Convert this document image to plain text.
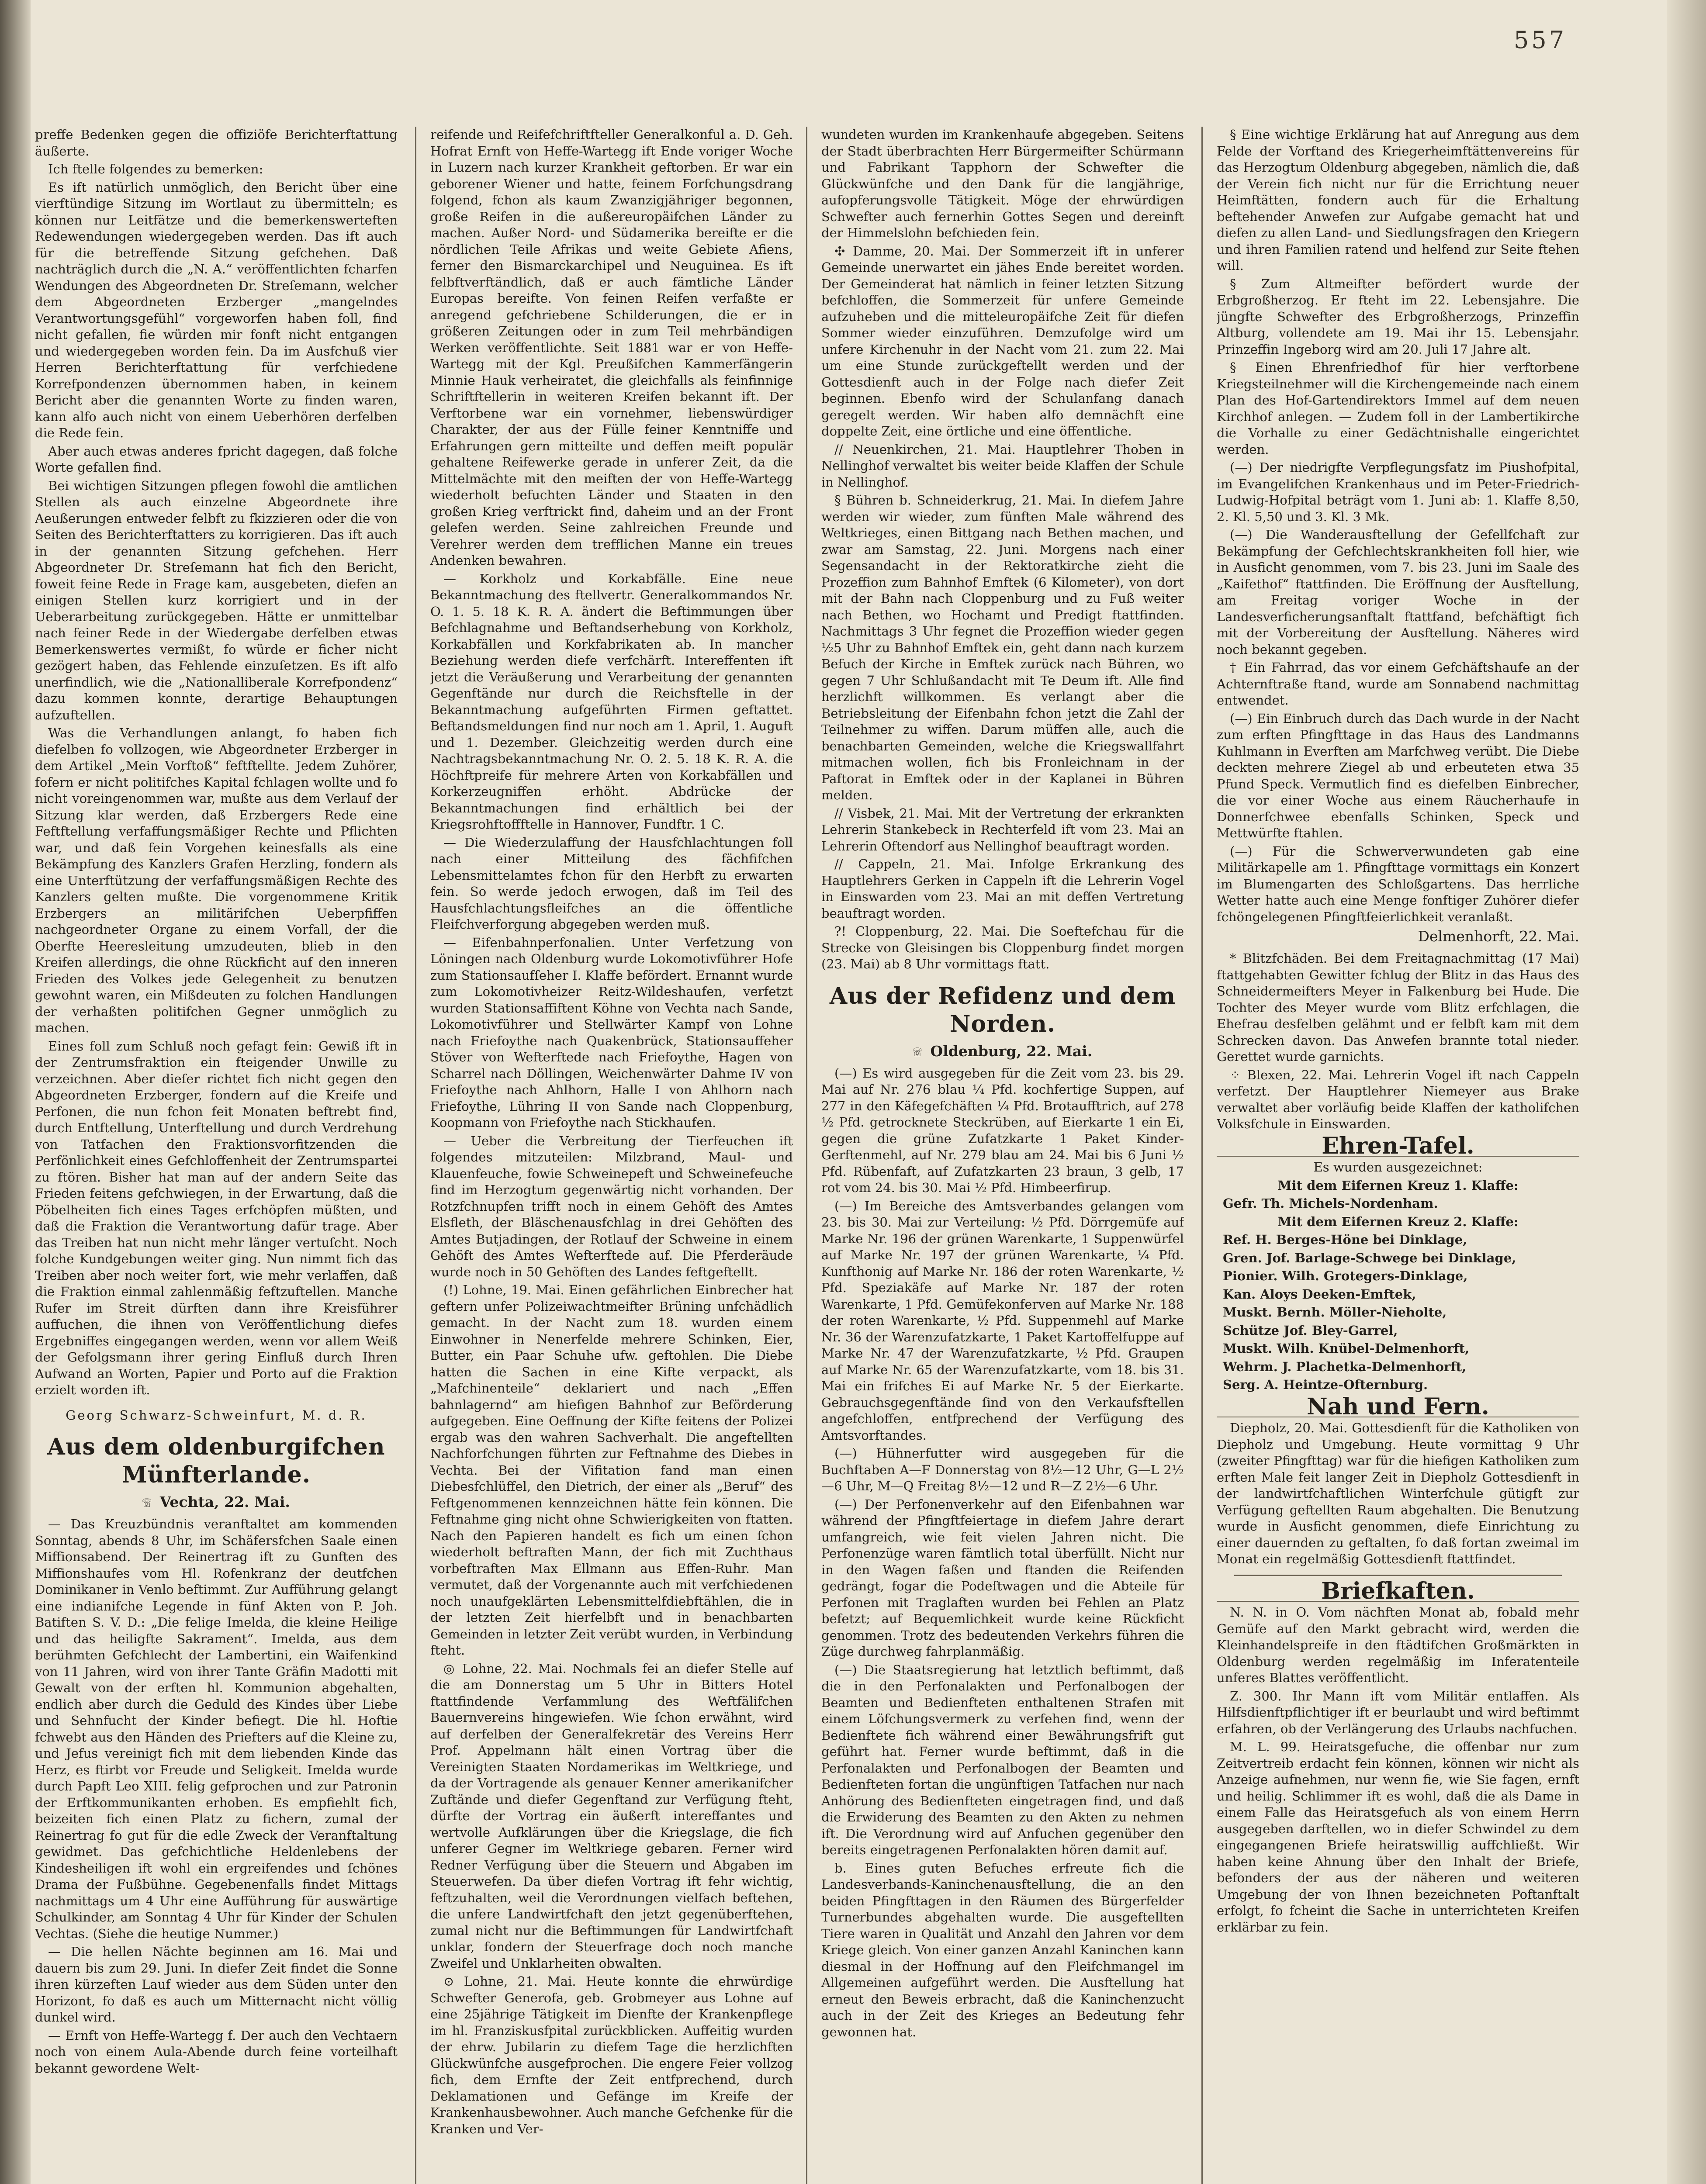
557

preffe Bedenken gegen die offiziöfe Berichterftattung äußerte.

Ich ftelle folgendes zu bemerken:

Es ift natürlich unmöglich, den Bericht über eine vierftündige Sitzung im Wortlaut zu übermitteln; es können nur Leitfätze und die bemerkenswerteften Redewendungen wiedergegeben werden. Das ift auch für die betreffende Sitzung gefchehen. Daß nachträglich durch die „N. A.“ veröffentlichten fcharfen Wendungen des Abgeordneten Dr. Streſemann, welcher dem Abgeordneten Erzberger „mangelndes Verantwortungsgefühl“ vorgeworfen haben foll, find nicht gefallen, fie würden mir fonft nicht entgangen und wiedergegeben worden fein. Da im Ausfchuß vier Herren Berichterftattung für verfchiedene Korrefpondenzen übernommen haben, in keinem Bericht aber die genannten Worte zu finden waren, kann alfo auch nicht von einem Ueberhören derfelben die Rede fein.

Aber auch etwas anderes fpricht dagegen, daß folche Worte gefallen find.

Bei wichtigen Sitzungen pflegen fowohl die amtlichen Stellen als auch einzelne Abgeordnete ihre Aeußerungen entweder felbft zu fkizzieren oder die von Seiten des Berichterftatters zu korrigieren. Das ift auch in der genannten Sitzung gefchehen. Herr Abgeordneter Dr. Streſemann hat fich den Bericht, foweit feine Rede in Frage kam, ausgebeten, diefen an einigen Stellen kurz korrigiert und in der Ueberarbeitung zurückgegeben. Hätte er unmittelbar nach feiner Rede in der Wiedergabe derfelben etwas Bemerkenswertes vermißt, fo würde er ficher nicht gezögert haben, das Fehlende einzuſetzen. Es ift alfo unerfindlich, wie die „Nationalliberale Korrefpondenz“ dazu kommen konnte, derartige Behauptungen aufzuftellen.

Was die Verhandlungen anlangt, fo haben fich diefelben fo vollzogen, wie Abgeordneter Erzberger in dem Artikel „Mein Vorftoß“ feftftellte. Jedem Zuhörer, fofern er nicht politifches Kapital fchlagen wollte und fo nicht voreingenommen war, mußte aus dem Verlauf der Sitzung klar werden, daß Erzbergers Rede eine Feftftellung verfaffungsmäßiger Rechte und Pflichten war, und daß fein Vorgehen keinesfalls als eine Bekämpfung des Kanzlers Grafen Herzling, fondern als eine Unterftützung der verfaffungsmäßigen Rechte des Kanzlers gelten mußte. Die vorgenommene Kritik Erzbergers an militärifchen Ueberpfiffen nachgeordneter Organe zu einem Vorfall, der die Oberfte Heeresleitung umzudeuten, blieb in den Kreifen allerdings, die ohne Rückficht auf den inneren Frieden des Volkes jede Gelegenheit zu benutzen gewohnt waren, ein Mißdeuten zu folchen Handlungen der verhaßten politifchen Gegner unmöglich zu machen.

Eines foll zum Schluß noch gefagt fein: Gewiß ift in der Zentrumsfraktion ein fteigender Unwille zu verzeichnen. Aber dieſer richtet fich nicht gegen den Abgeordneten Erzberger, fondern auf die Kreife und Perfonen, die nun fchon feit Monaten beftrebt find, durch Entftellung, Unterftellung und durch Verdrehung von Tatfachen den Fraktionsvorfitzenden die Perfönlichkeit eines Gefchloffenheit der Zentrumspartei zu ftören. Bisher hat man auf der andern Seite das Frieden feitens gefchwiegen, in der Erwartung, daß die Pöbelheiten fich eines Tages erfchöpfen müßten, und daß die Fraktion die Verantwortung dafür trage. Aber das Treiben hat nun nicht mehr länger vertuſcht. Noch folche Kundgebungen weiter ging. Nun nimmt fich das Treiben aber noch weiter fort, wie mehr verlaffen, daß die Fraktion einmal zahlenmäßig feftzuftellen. Manche Rufer im Streit dürften dann ihre Kreisführer auffuchen, die ihnen von Veröffentlichung diefes Ergebniffes eingegangen werden, wenn vor allem Weiß der Gefolgsmann ihrer gering Einfluß durch Ihren Aufwand an Worten, Papier und Porto auf die Fraktion erzielt worden ift.

Georg Schwarz-Schweinfurt, M. d. R.
Aus dem oldenburgifchen Münfterlande.
☏ Vechta, 22. Mai.

— Das Kreuzbündnis veranftaltet am kommenden Sonntag, abends 8 Uhr, im Schäfersfchen Saale einen Miffionsabend. Der Reinertrag ift zu Gunften des Miffionshaufes vom Hl. Rofenkranz der deutfchen Dominikaner in Venlo beftimmt. Zur Aufführung gelangt eine indianifche Legende in fünf Akten von P. Joh. Batiften S. V. D.: „Die felige Imelda, die kleine Heilige und das heiligfte Sakrament“. Imelda, aus dem berühmten Gefchlecht der Lambertini, ein Waifenkind von 11 Jahren, wird von ihrer Tante Gräfin Madotti mit Gewalt von der erften hl. Kommunion abgehalten, endlich aber durch die Geduld des Kindes über Liebe und Sehnfucht der Kinder befiegt. Die hl. Hoftie fchwebt aus den Händen des Priefters auf die Kleine zu, und Jefus vereinigt fich mit dem liebenden Kinde das Herz, es ftirbt vor Freude und Seligkeit. Imelda wurde durch Papft Leo XIII. felig gefprochen und zur Patronin der Erftkommunikanten erhoben. Es empfiehlt fich, beizeiten fich einen Platz zu fichern, zumal der Reinertrag fo gut für die edle Zweck der Veranftaltung gewidmet. Das gefchichtliche Heldenlebens der Kindesheiligen ift wohl ein ergreifendes und ſchönes Drama der Fußbühne. Gegebenenfalls findet Mittags nachmittags um 4 Uhr eine Aufführung für auswärtige Schulkinder, am Sonntag 4 Uhr für Kinder der Schulen Vechtas. (Siehe die heutige Nummer.)

— Die hellen Nächte beginnen am 16. Mai und dauern bis zum 29. Juni. In diefer Zeit findet die Sonne ihren kürzeften Lauf wieder aus dem Süden unter den Horizont, fo daß es auch um Mitternacht nicht völlig dunkel wird.

— Ernft von Heffe-Wartegg f. Der auch den Vechtaern noch von einem Aula-Abende durch feine vorteilhaft bekannt gewordene Welt-

reifende und Reifefchriftfteller Generalkonful a. D. Geh. Hofrat Ernft von Heffe-Wartegg ift Ende voriger Woche in Luzern nach kurzer Krankheit geftorben. Er war ein geborener Wiener und hatte, feinem Forfchungsdrang folgend, fchon als kaum Zwanzigjähriger begonnen, große Reifen in die außereuropäifchen Länder zu machen. Außer Nord- und Südamerika bereifte er die nördlichen Teile Afrikas und weite Gebiete Afiens, ferner den Bismarckarchipel und Neuguinea. Es ift felbftverftändlich, daß er auch fämtliche Länder Europas bereifte. Von feinen Reifen verfaßte er anregend gefchriebene Schilderungen, die er in größeren Zeitungen oder in zum Teil mehrbändigen Werken veröffentlichte. Seit 1881 war er von Heffe-Wartegg mit der Kgl. Preußifchen Kammerfängerin Minnie Hauk verheiratet, die gleichfalls als feinfinnige Schriftftellerin in weiteren Kreifen bekannt ift. Der Verftorbene war ein vornehmer, liebenswürdiger Charakter, der aus der Fülle feiner Kenntniffe und Erfahrungen gern mitteilte und deffen meift populär gehaltene Reifewerke gerade in unferer Zeit, da die Mittelmächte mit den meiften der von Heffe-Wartegg wiederholt befuchten Länder und Staaten in den großen Krieg verftrickt find, daheim und an der Front gelefen werden. Seine zahlreichen Freunde und Verehrer werden dem trefflichen Manne ein treues Andenken bewahren.

— Korkholz und Korkabfälle. Eine neue Bekanntmachung des ftellvertr. Generalkommandos Nr. O. 1. 5. 18 K. R. A. ändert die Beftimmungen über Befchlagnahme und Beftandserhebung von Korkholz, Korkabfällen und Korkfabrikaten ab. In mancher Beziehung werden diefe verfchärft. Intereffenten ift jetzt die Veräußerung und Verarbeitung der genannten Gegenftände nur durch die Reichsftelle in der Bekanntmachung aufgeführten Firmen geftattet. Beftandsmeldungen find nur noch am 1. April, 1. Auguft und 1. Dezember. Gleichzeitig werden durch eine Nachtragsbekanntmachung Nr. O. 2. 5. 18 K. R. A. die Höchftpreife für mehrere Arten von Korkabfällen und Korkerzeugniffen erhöht. Abdrücke der Bekanntmachungen find erhältlich bei der Kriegsrohftoffftelle in Hannover, Fundftr. 1 C.

— Die Wiederzulaffung der Hausfchlachtungen foll nach einer Mitteilung des fächfifchen Lebensmittelamtes fchon für den Herbft zu erwarten fein. So werde jedoch erwogen, daß im Teil des Hausfchlachtungsfleifches an die öffentliche Fleifchverforgung abgegeben werden muß.

— Eifenbahnperfonalien. Unter Verfetzung von Löningen nach Oldenburg wurde Lokomotivführer Hofe zum Stationsaufſeher I. Klaffe befördert. Ernannt wurde zum Lokomotivheizer Reitz-Wildeshaufen, verfetzt wurden Stationsaffiftent Köhne von Vechta nach Sande, Lokomotivführer und Stellwärter Kampf von Lohne nach Friefoythe nach Quakenbrück, Stationsauffeher Stöver von Wefterftede nach Friefoythe, Hagen von Scharrel nach Döllingen, Weichenwärter Dahme IV von Friefoythe nach Ahlhorn, Halle I von Ahlhorn nach Friefoythe, Lühring II von Sande nach Cloppenburg, Koopmann von Friefoythe nach Stickhaufen.

— Ueber die Verbreitung der Tierfeuchen ift folgendes mitzuteilen: Milzbrand, Maul- und Klauenfeuche, fowie Schweinepeft und Schweinefeuche find im Herzogtum gegenwärtig nicht vorhanden. Der Rotzfchnupfen trifft noch in einem Gehöft des Amtes Elsfleth, der Bläschenausfchlag in drei Gehöften des Amtes Butjadingen, der Rotlauf der Schweine in einem Gehöft des Amtes Wefterftede auf. Die Pferderäude wurde noch in 50 Gehöften des Landes feftgeftellt.

(!) Lohne, 19. Mai. Einen gefährlichen Einbrecher hat geftern unfer Polizeiwachtmeifter Brüning unfchädlich gemacht. In der Nacht zum 18. wurden einem Einwohner in Nenerfelde mehrere Schinken, Eier, Butter, ein Paar Schuhe ufw. geftohlen. Die Diebe hatten die Sachen in eine Kifte verpackt, als „Mafchinenteile“ deklariert und nach „Effen bahnlagernd“ am hiefigen Bahnhof zur Beförderung aufgegeben. Eine Oeffnung der Kifte feitens der Polizei ergab was den wahren Sachverhalt. Die angeftellten Nachforfchungen führten zur Feftnahme des Diebes in Vechta. Bei der Vifitation fand man einen Diebesfchlüffel, den Dietrich, der einer als „Beruf“ des Feftgenommenen kennzeichnen hätte fein können. Die Feftnahme ging nicht ohne Schwierigkeiten von ftatten. Nach den Papieren handelt es fich um einen ſchon wiederholt beftraften Mann, der fich mit Zuchthaus vorbeftraften Max Ellmann aus Effen-Ruhr. Man vermutet, daß der Vorgenannte auch mit verfchiedenen noch unaufgeklärten Lebensmittelfdiebftählen, die in der letzten Zeit hierfelbft und in benachbarten Gemeinden in letzter Zeit verübt wurden, in Verbindung fteht.

◎ Lohne, 22. Mai. Nochmals fei an diefer Stelle auf die am Donnerstag um 5 Uhr in Bitters Hotel ftattfindende Verfammlung des Weftfälifchen Bauernvereins hingewiefen. Wie ſchon erwähnt, wird auf derfelben der Generalfekretär des Vereins Herr Prof. Appelmann hält einen Vortrag über die Vereinigten Staaten Nordamerikas im Weltkriege, und da der Vortragende als genauer Kenner amerikanifcher Zuftände und diefer Gegenftand zur Verfügung fteht, dürfte der Vortrag ein äußerft intereffantes und wertvolle Aufklärungen über die Kriegslage, die fich unferer Gegner im Weltkriege gebaren. Ferner wird Redner Verfügung über die Steuern und Abgaben im Steuerwefen. Da über diefen Vortrag ift fehr wichtig, feftzuhalten, weil die Verordnungen vielfach beftehen, die unfere Landwirtfchaft den jetzt gegenüberftehen, zumal nicht nur die Beftimmungen für Landwirtfchaft unklar, fondern der Steuerfrage doch noch manche Zweifel und Unklarheiten obwalten.

⊙ Lohne, 21. Mai. Heute konnte die ehrwürdige Schwefter Generofa, geb. Grobmeyer aus Lohne auf eine 25jährige Tätigkeit im Dienfte der Krankenpflege im hl. Franziskusfpital zurückblicken. Auffeitig wurden der ehrw. Jubilarin zu diefem Tage die herzlichften Glückwünfche ausgefprochen. Die engere Feier vollzog fich, dem Ernfte der Zeit entfprechend, durch Deklamationen und Gefänge im Kreife der Krankenhausbewohner. Auch manche Gefchenke für die Kranken und Ver-

wundeten wurden im Krankenhaufe abgegeben. Seitens der Stadt überbrachten Herr Bürgermeifter Schürmann und Fabrikant Tapphorn der Schwefter die Glückwünfche und den Dank für die langjährige, aufopferungsvolle Tätigkeit. Möge der ehrwürdigen Schwefter auch fernerhin Gottes Segen und dereinft der Himmelslohn befchieden fein.

✣ Damme, 20. Mai. Der Sommerzeit ift in unferer Gemeinde unerwartet ein jähes Ende bereitet worden. Der Gemeinderat hat nämlich in feiner letzten Sitzung befchloffen, die Sommerzeit für unfere Gemeinde aufzuheben und die mitteleuropäifche Zeit für diefen Sommer wieder einzuführen. Demzufolge wird um unfere Kirchenuhr in der Nacht vom 21. zum 22. Mai um eine Stunde zurückgeftellt werden und der Gottesdienft auch in der Folge nach diefer Zeit beginnen. Ebenfo wird der Schulanfang danach geregelt werden. Wir haben alfo demnächft eine doppelte Zeit, eine örtliche und eine öffentliche.

// Neuenkirchen, 21. Mai. Hauptlehrer Thoben in Nellinghof verwaltet bis weiter beide Klaffen der Schule in Nellinghof.

§ Bühren b. Schneiderkrug, 21. Mai. In diefem Jahre werden wir wieder, zum fünften Male während des Weltkrieges, einen Bittgang nach Bethen machen, und zwar am Samstag, 22. Juni. Morgens nach einer Segensandacht in der Rektoratkirche zieht die Prozeffion zum Bahnhof Emftek (6 Kilometer), von dort mit der Bahn nach Cloppenburg und zu Fuß weiter nach Bethen, wo Hochamt und Predigt ftattfinden. Nachmittags 3 Uhr fegnet die Prozeffion wieder gegen ½5 Uhr zu Bahnhof Emftek ein, geht dann nach kurzem Befuch der Kirche in Emftek zurück nach Bühren, wo gegen 7 Uhr Schlußandacht mit Te Deum ift. Alle find herzlichft willkommen. Es verlangt aber die Betriebsleitung der Eifenbahn fchon jetzt die Zahl der Teilnehmer zu wiffen. Darum müffen alle, auch die benachbarten Gemeinden, welche die Kriegswallfahrt mitmachen wollen, fich bis Fronleichnam in der Paftorat in Emftek oder in der Kaplanei in Bühren melden.

// Visbek, 21. Mai. Mit der Vertretung der erkrankten Lehrerin Stankebeck in Rechterfeld ift vom 23. Mai an Lehrerin Oftendorf aus Nellinghof beauftragt worden.

// Cappeln, 21. Mai. Infolge Erkrankung des Hauptlehrers Gerken in Cappeln ift die Lehrerin Vogel in Einswarden vom 23. Mai an mit deffen Vertretung beauftragt worden.

?! Cloppenburg, 22. Mai. Die Soeftefchau für die Strecke von Gleisingen bis Cloppenburg findet morgen (23. Mai) ab 8 Uhr vormittags ftatt.

Aus der Refidenz und dem Norden.
☏ Oldenburg, 22. Mai.

(—) Es wird ausgegeben für die Zeit vom 23. bis 29. Mai auf Nr. 276 blau ¼ Pfd. kochfertige Suppen, auf 277 in den Käfegefchäften ¼ Pfd. Brotaufftrich, auf 278 ½ Pfd. getrocknete Steckrüben, auf Eierkarte 1 ein Ei, gegen die grüne Zufatzkarte 1 Paket Kinder-Gerftenmehl, auf Nr. 279 blau am 24. Mai bis 6 Juni ½ Pfd. Rübenfaft, auf Zufatzkarten 23 braun, 3 gelb, 17 rot vom 24. bis 30. Mai ½ Pfd. Himbeerfirup.

(—) Im Bereiche des Amtsverbandes gelangen vom 23. bis 30. Mai zur Verteilung: ½ Pfd. Dörrgemüfe auf Marke Nr. 196 der grünen Warenkarte, 1 Suppenwürfel auf Marke Nr. 197 der grünen Warenkarte, ¼ Pfd. Kunfthonig auf Marke Nr. 186 der roten Warenkarte, ½ Pfd. Speziakäfe auf Marke Nr. 187 der roten Warenkarte, 1 Pfd. Gemüfekonferven auf Marke Nr. 188 der roten Warenkarte, ½ Pfd. Suppenmehl auf Marke Nr. 36 der Warenzufatzkarte, 1 Paket Kartoffelfuppe auf Marke Nr. 47 der Warenzufatzkarte, ½ Pfd. Graupen auf Marke Nr. 65 der Warenzufatzkarte, vom 18. bis 31. Mai ein frifches Ei auf Marke Nr. 5 der Eierkarte. Gebrauchsgegenftände ſind von den Verkaufsftellen angefchloffen, entfprechend der Verfügung des Amtsvorftandes.

(—) Hühnerfutter wird ausgegeben für die Buchftaben A—F Donnerstag von 8½—12 Uhr, G—L 2½—6 Uhr, M—Q Freitag 8½—12 und R—Z 2½—6 Uhr.

(—) Der Perfonenverkehr auf den Eifenbahnen war während der Pfingftfeiertage in diefem Jahre derart umfangreich, wie feit vielen Jahren nicht. Die Perfonenzüge waren fämtlich total überfüllt. Nicht nur in den Wagen faßen und ftanden die Reifenden gedrängt, fogar die Podeſtwagen und die Abteile für Perfonen mit Traglaften wurden bei Fehlen an Platz befetzt; auf Bequemlichkeit wurde keine Rückficht genommen. Trotz des bedeutenden Verkehrs führen die Züge durchweg fahrplanmäßig.

(—) Die Staatsregierung hat letztlich beftimmt, daß die in den Perfonalakten und Perfonalbogen der Beamten und Bedienfteten enthaltenen Strafen mit einem Löfchungsvermerk zu verfehen find, wenn der Bedienftete fich während einer Bewährungsfrift gut geführt hat. Ferner wurde beftimmt, daß in die Perfonalakten und Perfonalbogen der Beamten und Bedienfteten fortan die ungünftigen Tatfachen nur nach Anhörung des Bedienfteten eingetragen find, und daß die Erwiderung des Beamten zu den Akten zu nehmen ift. Die Verordnung wird auf Anfuchen gegenüber den bereits eingetragenen Perfonalakten hören damit auf.

b. Eines guten Befuches erfreute fich die Landesverbands-Kaninchenausftellung, die an den beiden Pfingfttagen in den Räumen des Bürgerfelder Turnerbundes abgehalten wurde. Die ausgeftellten Tiere waren in Qualität und Anzahl den Jahren vor dem Kriege gleich. Von einer ganzen Anzahl Kaninchen kann diesmal in der Hoffnung auf den Fleifchmangel im Allgemeinen aufgeführt werden. Die Ausftellung hat erneut den Beweis erbracht, daß die Kaninchenzucht auch in der Zeit des Krieges an Bedeutung fehr gewonnen hat.

§ Eine wichtige Erklärung hat auf Anregung aus dem Felde der Vorftand des Kriegerheimftättenvereins für das Herzogtum Oldenburg abgegeben, nämlich die, daß der Verein fich nicht nur für die Errichtung neuer Heimftätten, fondern auch für die Erhaltung beftehender Anwefen zur Aufgabe gemacht hat und diefen zu allen Land- und Siedlungsfragen den Kriegern und ihren Familien ratend und helfend zur Seite ftehen will.

§ Zum Altmeifter befördert wurde der Erbgroßherzog. Er fteht im 22. Lebensjahre. Die jüngfte Schwefter des Erbgroßherzogs, Prinzeffin Altburg, vollendete am 19. Mai ihr 15. Lebensjahr. Prinzeffin Ingeborg wird am 20. Juli 17 Jahre alt.

§ Einen Ehrenfriedhof für hier verftorbene Kriegsteilnehmer will die Kirchengemeinde nach einem Plan des Hof-Gartendirektors Immel auf dem neuen Kirchhof anlegen. — Zudem foll in der Lambertikirche die Vorhalle zu einer Gedächtnishalle eingerichtet werden.

(—) Der niedrigfte Verpflegungsfatz im Piushofpital, im Evangelifchen Krankenhaus und im Peter-Friedrich-Ludwig-Hofpital beträgt vom 1. Juni ab: 1. Klaffe 8,50, 2. Kl. 5,50 und 3. Kl. 3 Mk.

(—) Die Wanderausftellung der Gefellfchaft zur Bekämpfung der Gefchlechtskrankheiten foll hier, wie in Ausficht genommen, vom 7. bis 23. Juni im Saale des „Kaifethof“ ftattfinden. Die Eröffnung der Ausftellung, am Freitag voriger Woche in der Landesverficherungsanftalt ftattfand, befchäftigt fich mit der Vorbereitung der Ausftellung. Näheres wird noch bekannt gegeben.

† Ein Fahrrad, das vor einem Gefchäftshaufe an der Achternftraße ftand, wurde am Sonnabend nachmittag entwendet.

(—) Ein Einbruch durch das Dach wurde in der Nacht zum erften Pfingfttage in das Haus des Landmanns Kuhlmann in Everften am Marfchweg verübt. Die Diebe deckten mehrere Ziegel ab und erbeuteten etwa 35 Pfund Speck. Vermutlich find es diefelben Einbrecher, die vor einer Woche aus einem Räucherhaufe in Donnerfchwee ebenfalls Schinken, Speck und Mettwürfte ftahlen.

(—) Für die Schwerverwundeten gab eine Militärkapelle am 1. Pfingfttage vormittags ein Konzert im Blumengarten des Schloßgartens. Das herrliche Wetter hatte auch eine Menge fonftiger Zuhörer diefer fchöngelegenen Pfingftfeierlichkeit veranlaßt.

Delmenhorft, 22. Mai.

* Blitzfchäden. Bei dem Freitagnachmittag (17 Mai) ftattgehabten Gewitter fchlug der Blitz in das Haus des Schneidermeifters Meyer in Falkenburg bei Hude. Die Tochter des Meyer wurde vom Blitz erfchlagen, die Ehefrau desfelben gelähmt und er felbft kam mit dem Schrecken davon. Das Anwefen brannte total nieder. Gerettet wurde garnichts.

⁘ Blexen, 22. Mai. Lehrerin Vogel ift nach Cappeln verfetzt. Der Hauptlehrer Niemeyer aus Brake verwaltet aber vorläufig beide Klaffen der katholifchen Volksfchule in Einswarden.

Ehren-Tafel.

Es wurden ausgezeichnet:

Mit dem Eifernen Kreuz 1. Klaffe:

Gefr. Th. Michels-Nordenham.

Mit dem Eifernen Kreuz 2. Klaffe:

Ref. H. Berges-Höne bei Dinklage,

Gren. Jof. Barlage-Schwege bei Dinklage,

Pionier. Wilh. Grotegers-Dinklage,

Kan. Aloys Deeken-Emftek,

Muskt. Bernh. Möller-Nieholte,

Schütze Jof. Bley-Garrel,

Muskt. Wilh. Knübel-Delmenhorft,

Wehrm. J. Plachetka-Delmenhorft,

Serg. A. Heintze-Ofternburg.

Nah und Fern.

Diepholz, 20. Mai. Gottesdienft für die Katholiken von Diepholz und Umgebung. Heute vormittag 9 Uhr (zweiter Pfingfttag) war für die hiefigen Katholiken zum erften Male feit langer Zeit in Diepholz Gottesdienft in der landwirtfchaftlichen Winterfchule gütigft zur Verfügung geftellten Raum abgehalten. Die Benutzung wurde in Ausficht genommen, diefe Einrichtung zu einer dauernden zu geftalten, fo daß fortan zweimal im Monat ein regelmäßig Gottesdienft ftattfindet.

Briefkaften.

N. N. in O. Vom nächften Monat ab, fobald mehr Gemüfe auf den Markt gebracht wird, werden die Kleinhandelspreife in den ftädtifchen Großmärkten in Oldenburg werden regelmäßig im Inferatenteile unferes Blattes veröffentlicht.

Z. 300. Ihr Mann ift vom Militär entlaffen. Als Hilfsdienftpflichtiger ift er beurlaubt und wird beftimmt erfahren, ob der Verlängerung des Urlaubs nachfuchen.

M. L. 99. Heiratsgefuche, die offenbar nur zum Zeitvertreib erdacht fein können, können wir nicht als Anzeige aufnehmen, nur wenn fie, wie Sie fagen, ernft und heilig. Schlimmer ift es wohl, daß die als Dame in einem Falle das Heiratsgefuch als von einem Herrn ausgegeben darftellen, wo in diefer Schwindel zu dem eingegangenen Briefe heiratswillig auffchließt. Wir haben keine Ahnung über den Inhalt der Briefe, befonders der aus der näheren und weiteren Umgebung der von Ihnen bezeichneten Poftanftalt erfolgt, fo fcheint die Sache in unterrichteten Kreifen erklärbar zu fein.
